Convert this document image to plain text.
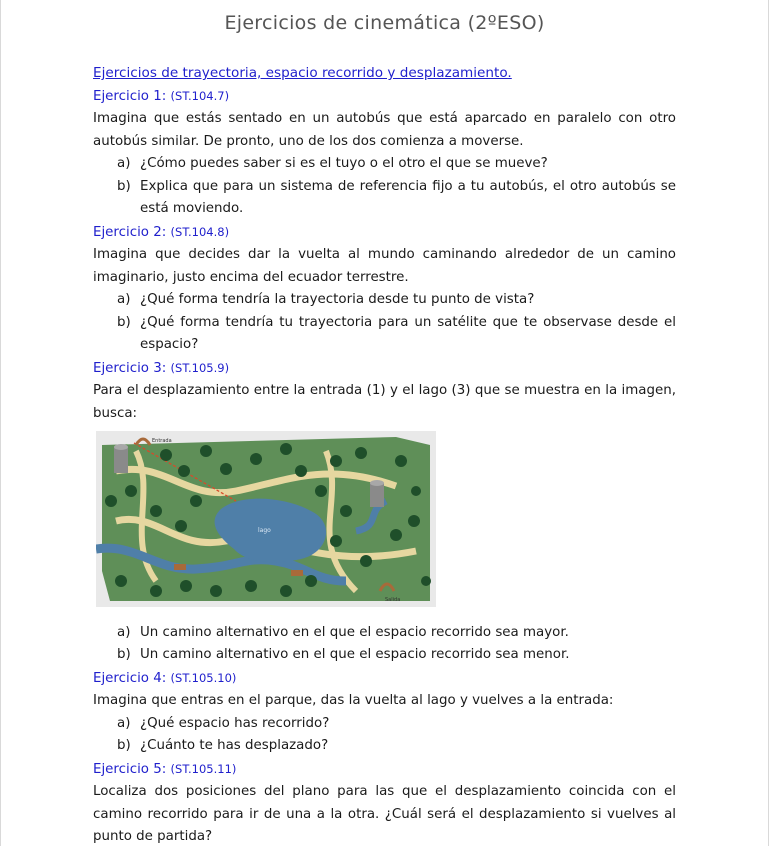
Ejercicios de cinemática (2ºESO)
Ejercicios de trayectoria, espacio recorrido y desplazamiento.
Ejercicio 1: (ST.104.7)

Imagina que estás sentado en un autobús que está aparcado en paralelo con otro autobús similar. De pronto, uno de los dos comienza a moverse.

a) ¿Cómo puedes saber si es el tuyo o el otro el que se mueve?
b) Explica que para un sistema de referencia fijo a tu autobús, el otro autobús se está moviendo.
Ejercicio 2: (ST.104.8)

Imagina que decides dar la vuelta al mundo caminando alrededor de un camino imaginario, justo encima del ecuador terrestre.

a) ¿Qué forma tendría la trayectoria desde tu punto de vista?
b) ¿Qué forma tendría tu trayectoria para un satélite que te observase desde el espacio?
Ejercicio 3: (ST.105.9)

Para el desplazamiento entre la entrada (1) y el lago (3) que se muestra en la imagen, busca:

lago
Entrada
Salida
a) Un camino alternativo en el que el espacio recorrido sea mayor.
b) Un camino alternativo en el que el espacio recorrido sea menor.
Ejercicio 4: (ST.105.10)

Imagina que entras en el parque, das la vuelta al lago y vuelves a la entrada:

a) ¿Qué espacio has recorrido?
b) ¿Cuánto te has desplazado?
Ejercicio 5: (ST.105.11)

Localiza dos posiciones del plano para las que el desplazamiento coincida con el camino recorrido para ir de una a la otra. ¿Cuál será el desplazamiento si vuelves al punto de partida?
